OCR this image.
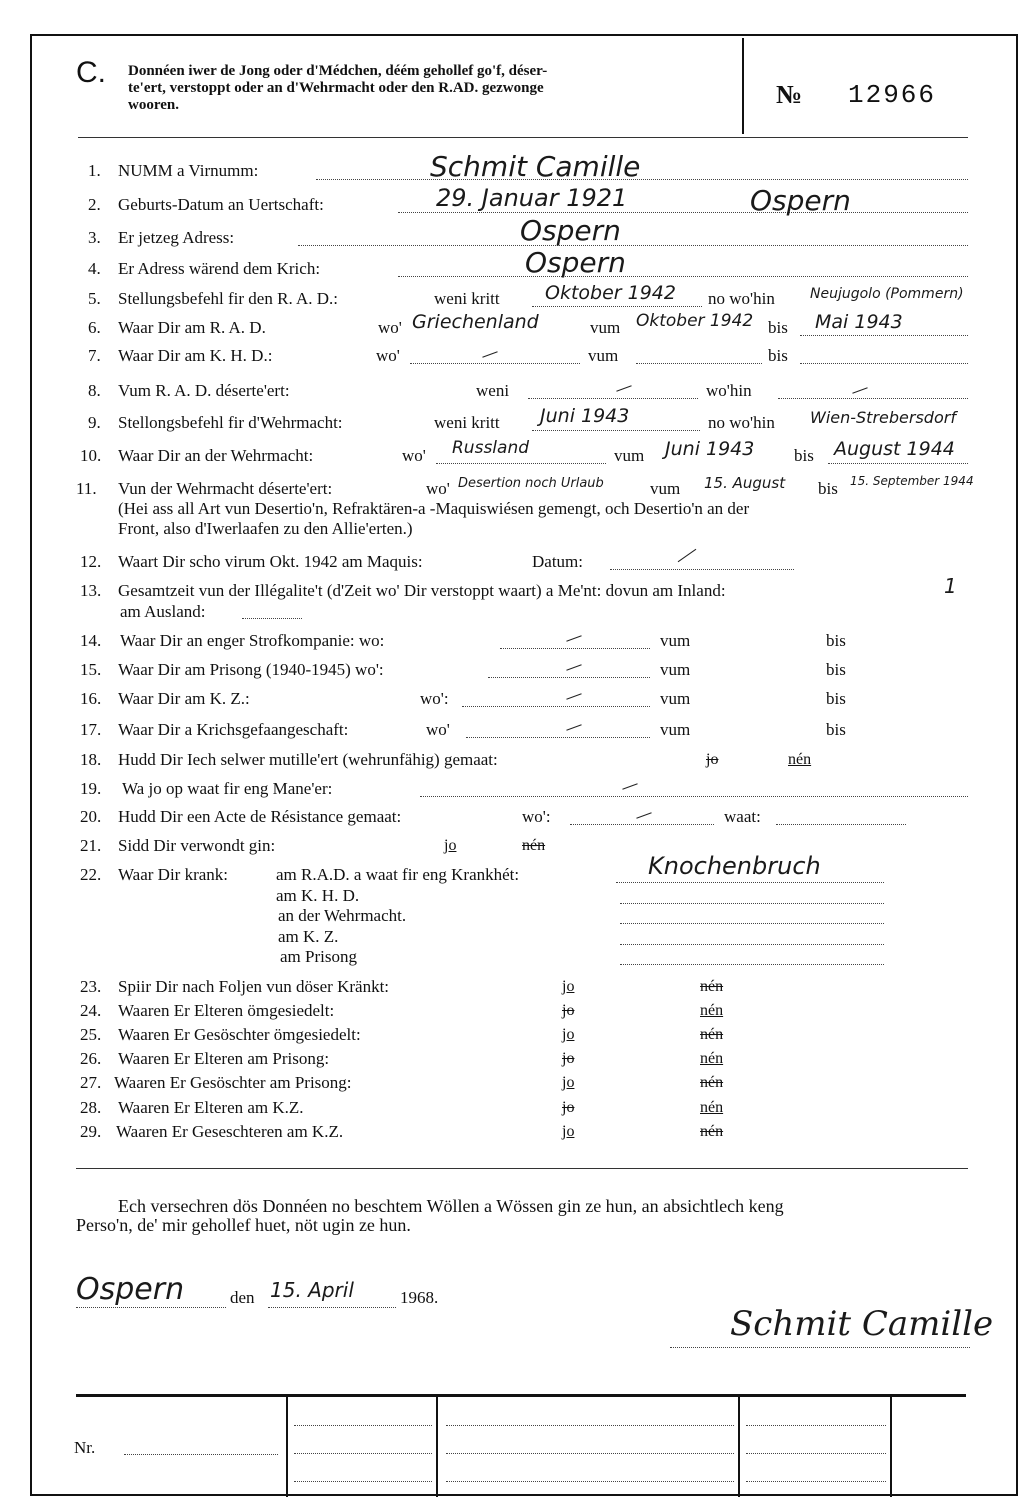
C. Donnéen iwer de Jong oder d'Médchen, déém gehollef go'f, déser-
te'ert, verstoppt oder an d'Wehrmacht oder den R.AD. gezwonge
wooren.	№ 12966
1. NUMM a Virnumm:	Schmit Camille
2. Geburts-Datum an Uertschaft:	29. Januar 1921	Ospern
3. Er jetzeg Adress:	Ospern
4. Er Adress wärend dem Krich:	Ospern
5. Stellungsbefehl fir den R. A. D.:	weni kritt Oktober 1942 no wo'hin	Neujugolo (Pommern)
6. Waar Dir am R. A. D.	wo' Griechenland	vum Oktober 1942 bis Mai 1943
7. Waar Dir am K. H. D.:	wo'	vum	bis
8. Vum R. A. D. déserte'ert:	weni	wo'hin
9. Stellongsbefehl fir d'Wehrmacht:	weni kritt Juni 1943	no wo'hin Wien-Strebersdorf
10. Waar Dir an der Wehrmacht:	wo' Russland	vum Juni 1943 bis August 1944
11. Vun der Wehrmacht déserte'ert:	wo' Desertion noch Urlaub	vum 15. August bis 15. September 1944
(Hei ass all Art vun Desertio'n, Refraktären-a -Maquiswiésen gemengt, och Desertio'n an der
Front, also d'Iwerlaafen zu den Allie'erten.)
12. Waart Dir scho virum Okt. 1942 am Maquis:	Datum:
13. Gesamtzeit vun der Illégalite't (d'Zeit wo' Dir verstoppt waart) a Me'nt: dovun am Inland:	1
am Ausland:
14. Waar Dir an enger Strofkompanie: wo:	vum	bis
15. Waar Dir am Prisong (1940-1945) wo':	vum	bis
16. Waar Dir am K. Z.:	wo':	vum	bis
17. Waar Dir a Krichsgefaangeschaft:	wo'	vum	bis
18. Hudd Dir Iech selwer mutille'ert (wehrunfähig) gemaat:	jo	nén
19. Wa jo op waat fir eng Mane'er:
20. Hudd Dir een Acte de Résistance gemaat:	wo':	waat:
21. Sidd Dir verwondt gin:	jo	nén
22. Waar Dir krank:	am R.A.D. a waat fir eng Krankhét:	Knochenbruch
am K. H. D.
an der Wehrmacht.
am K. Z.
am Prisong
23. Spiir Dir nach Foljen vun döser Kränkt:	jo	nén
24. Waaren Er Elteren ömgesiedelt:	jo	nén
25. Waaren Er Gesöschter ömgesiedelt:	jo	nén
26. Waaren Er Elteren am Prisong:	jo	nén
27. Waaren Er Gesöschter am Prisong:	jo	nén
28. Waaren Er Elteren am K.Z.	jo	nén
29. Waaren Er Geseschteren am K.Z.	jo	nén
Ech versechren dös Donnéen no beschtem Wöllen a Wössen gin ze hun, an absichtlech keng
Perso'n, de' mir gehollef huet, nöt ugin ze hun.
Ospern	den 15. April	1968.
Schmit Camille
Nr.
